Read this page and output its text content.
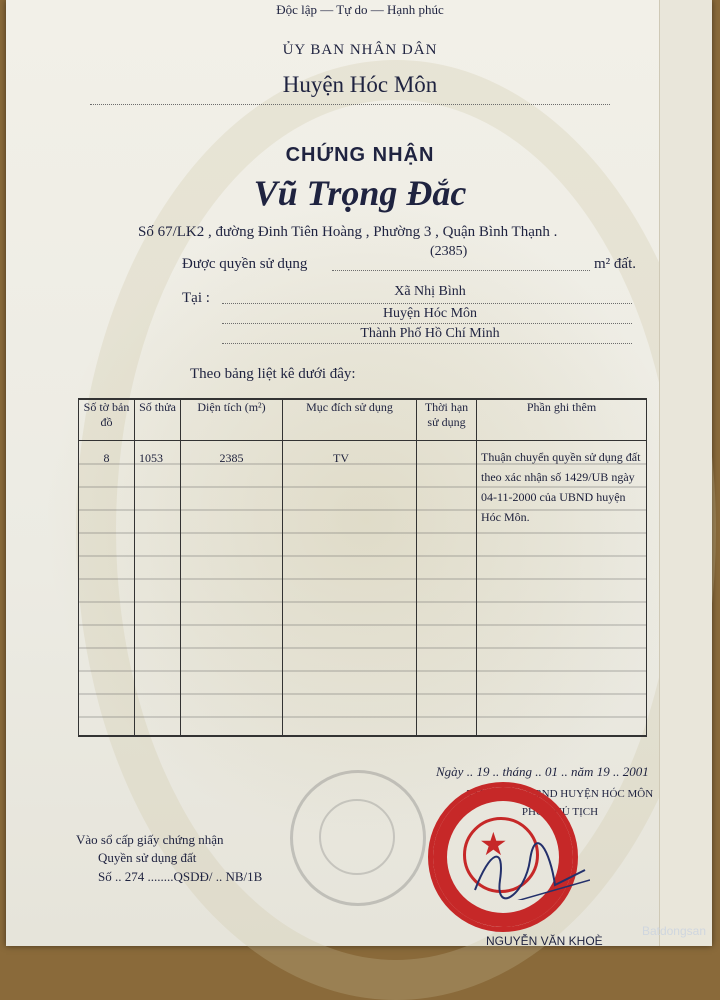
Độc lập — Tự do — Hạnh phúc
ỦY BAN NHÂN DÂN
Huyện Hóc Môn
CHỨNG NHẬN
Vũ Trọng Đắc
Số 67/LK2 , đường Đinh Tiên Hoàng , Phường 3 , Quận Bình Thạnh .
Được quyền sử dụng
(2385)
m² đất.
Tại :	Xã Nhị Bình
Huyện Hóc Môn
Thành Phố Hồ Chí Minh
Theo bảng liệt kê dưới đây:
Số tờ bản đồ	Số thửa	Diện tích (m²)	Mục đích sử dụng	Thời hạn sử dụng	Phần ghi thêm
8	1053	2385	TV		Thuận chuyển quyền sử dụng đất theo xác nhận số 1429/UB ngày 04-11-2000 của UBND huyện Hóc Môn.
Ngày .. 19 .. tháng .. 01 .. năm 19 .. 2001
TM.Chủ tịch UBND HUYỆN HÓC MÔN
PHÓ CHỦ TỊCH
★
NGUYỄN VĂN KHOÈ
Vào sổ cấp giấy chứng nhận
Quyền sử dụng đất
Số .. 274 ........QSDĐ/ .. NB/1B
Batdongsan
